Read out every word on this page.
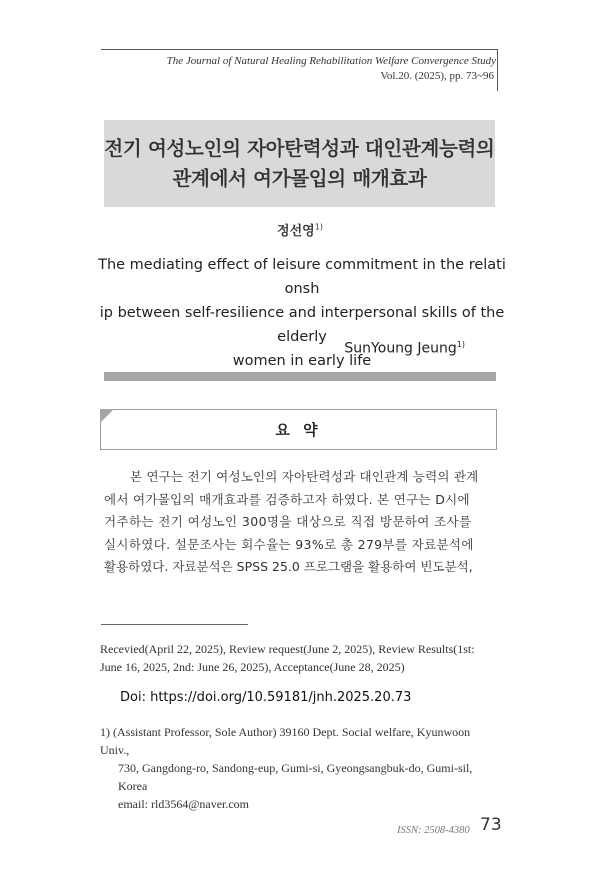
The Journal of Natural Healing Rehabilitation Welfare Convergence Study
Vol.20. (2025), pp. 73~96
전기 여성노인의 자아탄력성과 대인관계능력의
관계에서 여가몰입의 매개효과
정선영$^{1)}$
The mediating effect of leisure commitment in the relationsh
ip between self-resilience and interpersonal skills of the elderly
women in early life
SunYoung Jeung$^{1)}$
요 약
본 연구는 전기 여성노인의 자아탄력성과 대인관계 능력의 관계
에서 여가몰입의 매개효과를 검증하고자 하였다. 본 연구는 D시에
거주하는 전기 여성노인 300명을 대상으로 직접 방문하여 조사를
실시하였다. 설문조사는 회수율는 93%로 총 279부를 자료분석에
활용하였다. 자료분석은 SPSS 25.0 프로그램을 활용하여 빈도분석,
Recevied(April 22, 2025), Review request(June 2, 2025), Review Results(1st:
June 16, 2025, 2nd: June 26, 2025), Acceptance(June 28, 2025)
Doi: https://doi.org/10.59181/jnh.2025.20.73
1) (Assistant Professor, Sole Author) 39160 Dept. Social welfare, Kyunwoon Univ.,
730, Gangdong-ro, Sandong-eup, Gumi-si, Gyeongsangbuk-do, Gumi-sil, Korea
email: rld3564@naver.com
ISSN: 2508-4380 73
